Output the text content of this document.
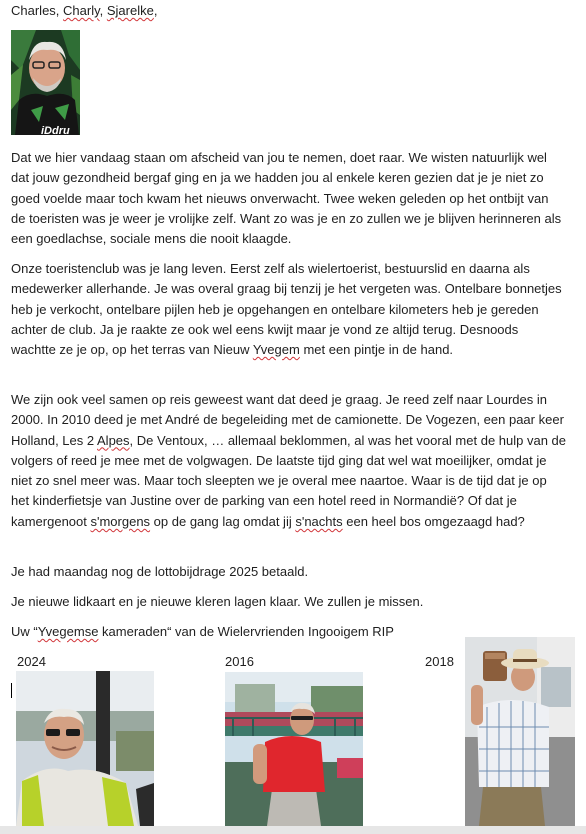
Charles, Charly, Sjarelke,
iDdru

Dat we hier vandaag staan om afscheid van jou te nemen, doet raar. We wisten natuurlijk wel dat jouw gezondheid bergaf ging en ja we hadden jou al enkele keren gezien dat je je niet zo goed voelde maar toch kwam het nieuws onverwacht. Twee weken geleden op het ontbijt van de toeristen was je weer je vrolijke zelf. Want zo was je en zo zullen we je blijven herinneren als een goedlachse, sociale mens die nooit klaagde.

Onze toeristenclub was je lang leven. Eerst zelf als wielertoerist, bestuurslid en daarna als medewerker allerhande. Je was overal graag bij tenzij je het vergeten was. Ontelbare bonnetjes heb je verkocht, ontelbare pijlen heb je opgehangen en ontelbare kilometers heb je gereden achter de club. Ja je raakte ze ook wel eens kwijt maar je vond ze altijd terug. Desnoods wachtte ze je op, op het terras van Nieuw Yvegem met een pintje in de hand.

We zijn ook veel samen op reis geweest want dat deed je graag. Je reed zelf naar Lourdes in 2000. In 2010 deed je met André de begeleiding met de camionette. De Vogezen, een paar keer Holland, Les 2 Alpes, De Ventoux, … allemaal beklommen, al was het vooral met de hulp van de volgers of reed je mee met de volgwagen. De laatste tijd ging dat wel wat moeilijker, omdat je niet zo snel meer was. Maar toch sleepten we je overal mee naartoe. Waar is de tijd dat je op het kinderfietsje van Justine over de parking van een hotel reed in Normandië? Of dat je kamergenoot s'morgens op de gang lag omdat jij s'nachts een heel bos omgezaagd had?

Je had maandag nog de lottobijdrage 2025 betaald.

Je nieuwe lidkaart en je nieuwe kleren lagen klaar. We zullen je missen.

Uw “Yvegemse kameraden“ van de Wielervrienden Ingooigem RIP

2024	2016	2018
